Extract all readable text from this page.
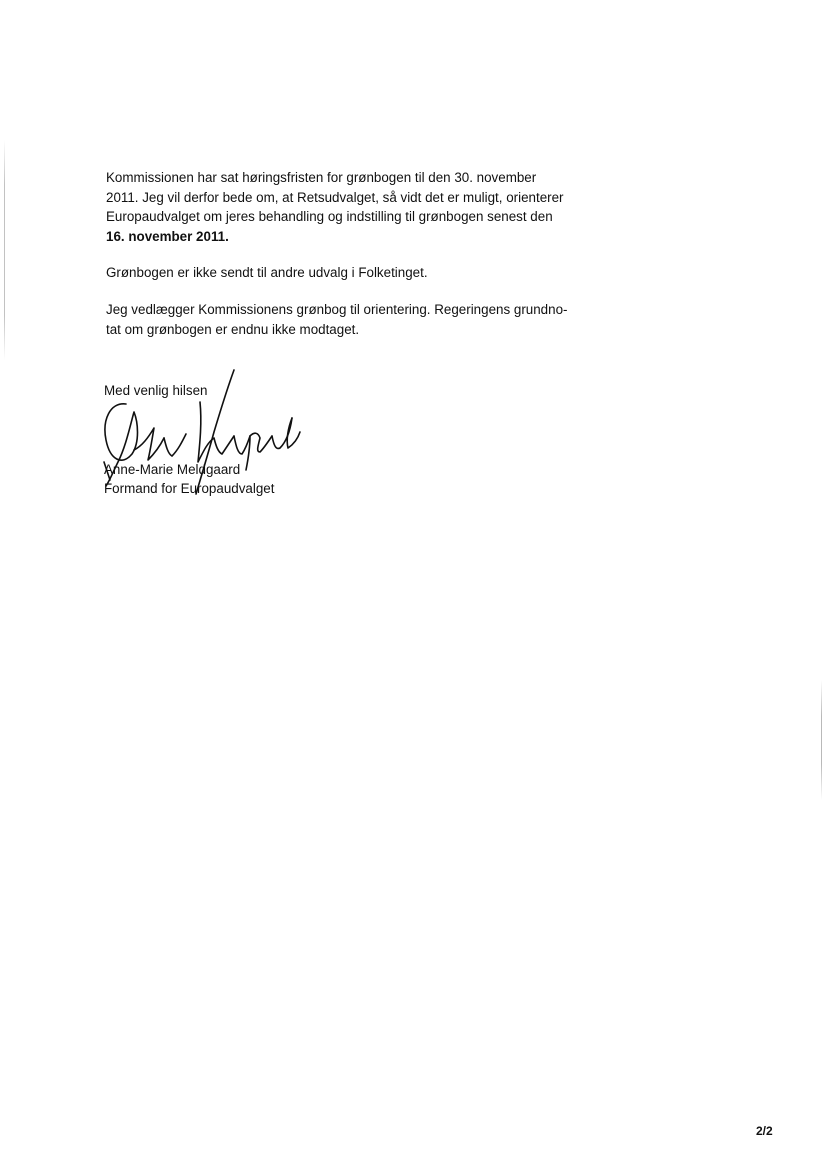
Kommissionen har sat høringsfristen for grønbogen til den 30. november
2011. Jeg vil derfor bede om, at Retsudvalget, så vidt det er muligt, orienterer
Europaudvalget om jeres behandling og indstilling til grønbogen senest den
16. november 2011.

Grønbogen er ikke sendt til andre udvalg i Folketinget.

Jeg vedlægger Kommissionens grønbog til orientering. Regeringens grundno-
tat om grønbogen er endnu ikke modtaget.

Med venlig hilsen
Anne-Marie Meldgaard
Formand for Europaudvalget
2/2
